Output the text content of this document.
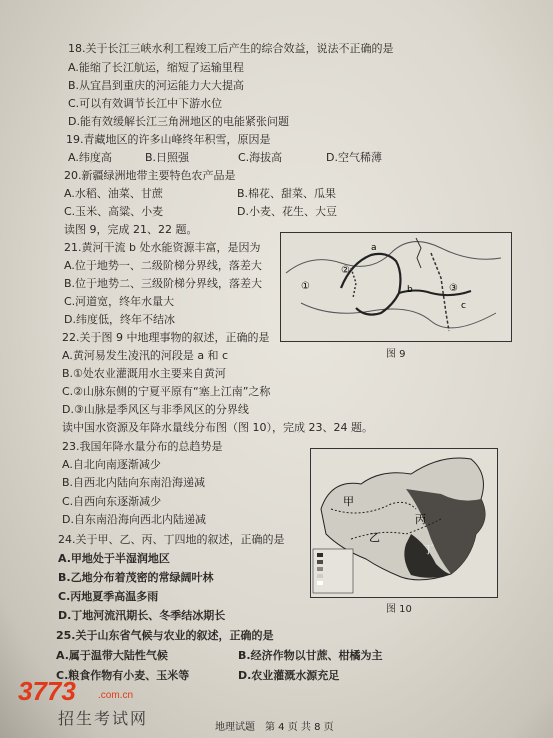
18.关于长江三峡水利工程竣工后产生的综合效益，说法不正确的是
A.能缩了长江航运，缩短了运输里程
B.从宜昌到重庆的河运能力大大提高
C.可以有效调节长江中下游水位
D.能有效缓解长江三角洲地区的电能紧张问题
19.青藏地区的许多山峰终年积雪，原因是
A.纬度高	B.日照强	C.海拔高	D.空气稀薄
20.新疆绿洲地带主要特色农产品是
A.水稻、油菜、甘蔗	B.棉花、甜菜、瓜果
C.玉米、高粱、小麦	D.小麦、花生、大豆
读图 9，完成 21、22 题。
21.黄河干流 b 处水能资源丰富，是因为
A.位于地势一、二级阶梯分界线，落差大
B.位于地势二、三级阶梯分界线，落差大
C.河道宽，终年水量大
D.纬度低，终年不结冰
22.关于图 9 中地理事物的叙述，正确的是
A.黄河易发生凌汛的河段是 a 和 c
B.①处农业灌溉用水主要来自黄河
C.②山脉东侧的宁夏平原有“塞上江南”之称
D.③山脉是季风区与非季风区的分界线
读中国水资源及年降水量线分布图（图 10），完成 23、24 题。
23.我国年降水量分布的总趋势是
A.自北向南逐渐减少
B.自西北内陆向东南沿海递减
C.自西向东逐渐减少
D.自东南沿海向西北内陆递减
24.关于甲、乙、丙、丁四地的叙述，正确的是
A.甲地处于半湿润地区
B.乙地分布着茂密的常绿阔叶林
C.丙地夏季高温多雨
D.丁地河流汛期长、冬季结冰期长
25.关于山东省气候与农业的叙述，正确的是
A.属于温带大陆性气候	B.经济作物以甘蔗、柑橘为主
C.粮食作物有小麦、玉米等	D.农业灌溉水源充足
①
②
③
a
b
c
图 9
甲
乙
丙
丁
图 10
地理试题　第 4 页 共 8 页
3773 .com.cn
招生考试网
